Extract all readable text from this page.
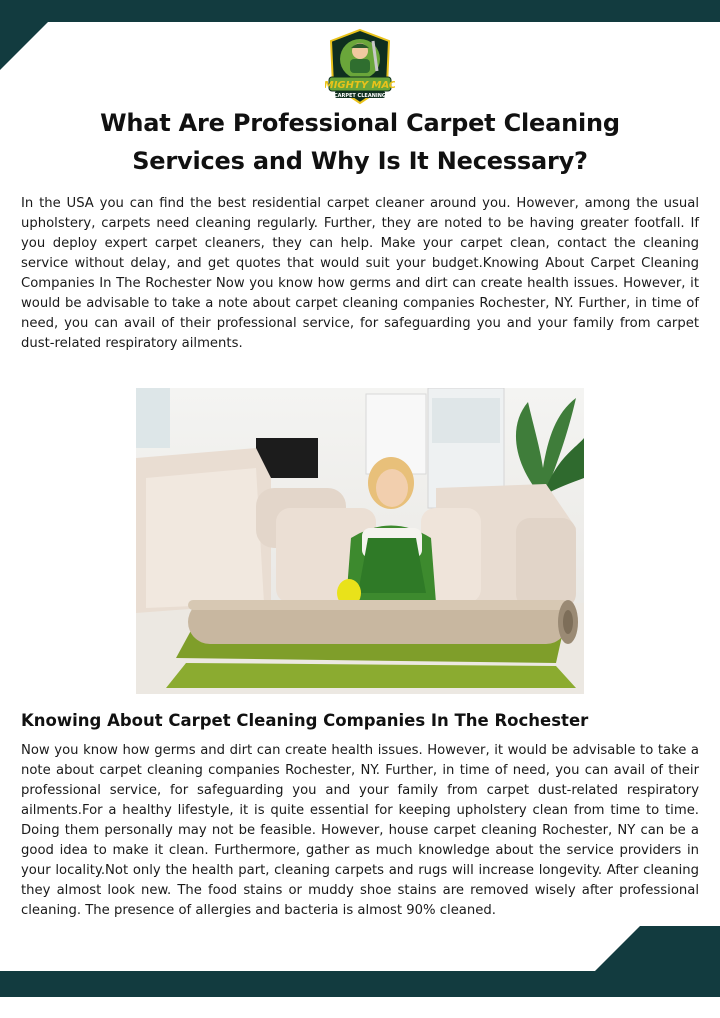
MIGHTY MAC
CARPET CLEANING
What Are Professional Carpet Cleaning Services and Why Is It Necessary?

In the USA you can find the best residential carpet cleaner around you. However, among the usual upholstery, carpets need cleaning regularly. Further, they are noted to be having greater footfall. If you deploy expert carpet cleaners, they can help. Make your carpet clean, contact the cleaning service without delay, and get quotes that would suit your budget.Knowing About Carpet Cleaning Companies In The Rochester Now you know how germs and dirt can create health issues. However, it would be advisable to take a note about carpet cleaning companies Rochester, NY. Further, in time of need, you can avail of their professional service, for safeguarding you and your family from carpet dust-related respiratory ailments.

Knowing About Carpet Cleaning Companies In The Rochester

Now you know how germs and dirt can create health issues. However, it would be advisable to take a note about carpet cleaning companies Rochester, NY. Further, in time of need, you can avail of their professional service, for safeguarding you and your family from carpet dust-related respiratory ailments.For a healthy lifestyle, it is quite essential for keeping upholstery clean from time to time. Doing them personally may not be feasible. However, house carpet cleaning Rochester, NY can be a good idea to make it clean. Furthermore, gather as much knowledge about the service providers in your locality.Not only the health part, cleaning carpets and rugs will increase longevity. After cleaning they almost look new. The food stains or muddy shoe stains are removed wisely after professional cleaning. The presence of allergies and bacteria is almost 90% cleaned.
